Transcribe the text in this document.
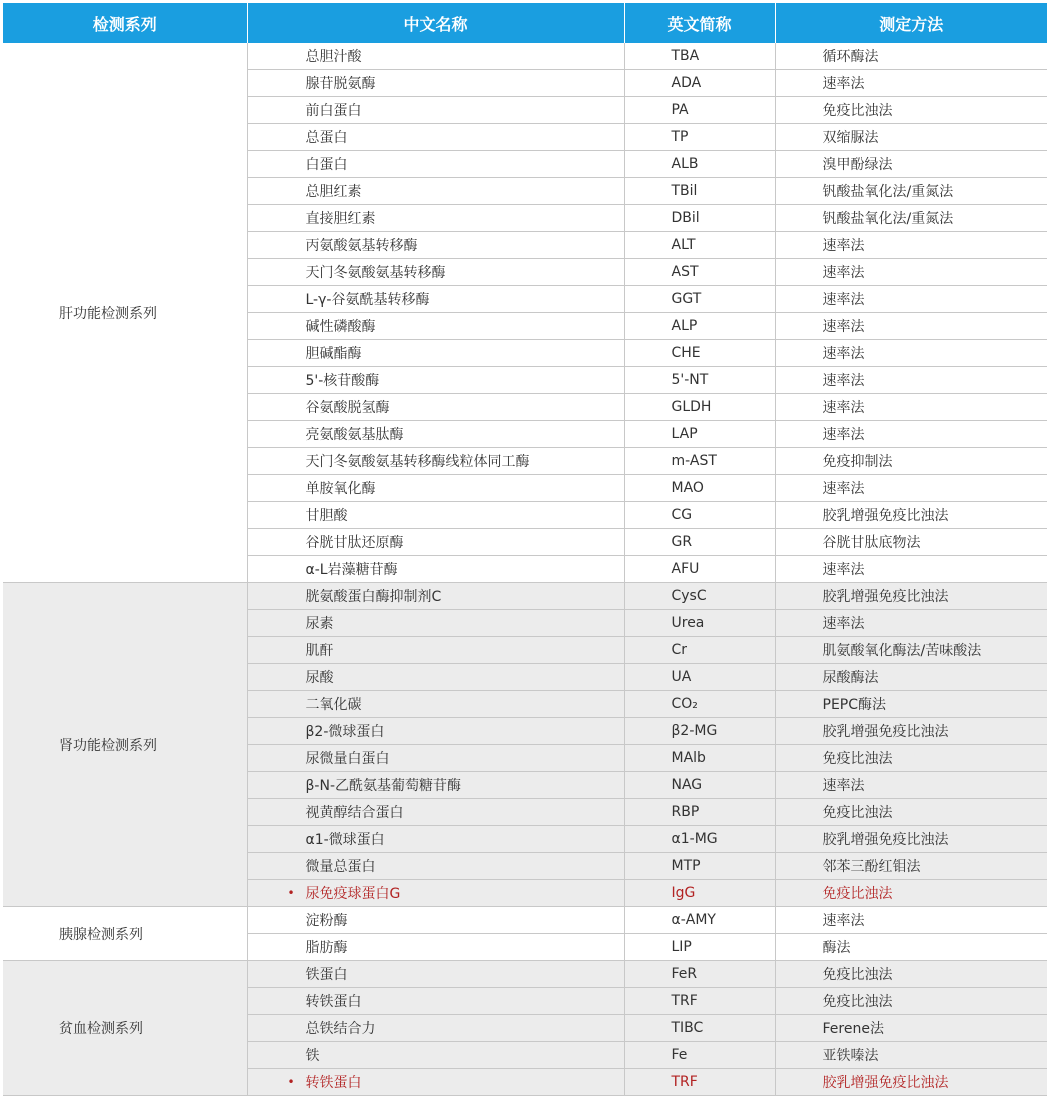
检测系列	中文名称	英文简称	测定方法
肝功能检测系列	总胆汁酸	TBA	循环酶法
	腺苷脱氨酶	ADA	速率法
	前白蛋白	PA	免疫比浊法
	总蛋白	TP	双缩脲法
	白蛋白	ALB	溴甲酚绿法
	总胆红素	TBil	钒酸盐氧化法/重氮法
	直接胆红素	DBil	钒酸盐氧化法/重氮法
	丙氨酸氨基转移酶	ALT	速率法
	天门冬氨酸氨基转移酶	AST	速率法
	L-γ-谷氨酰基转移酶	GGT	速率法
	碱性磷酸酶	ALP	速率法
	胆碱酯酶	CHE	速率法
	5'-核苷酸酶	5'-NT	速率法
	谷氨酸脱氢酶	GLDH	速率法
	亮氨酸氨基肽酶	LAP	速率法
	天门冬氨酸氨基转移酶线粒体同工酶	m-AST	免疫抑制法
	单胺氧化酶	MAO	速率法
	甘胆酸	CG	胶乳增强免疫比浊法
	谷胱甘肽还原酶	GR	谷胱甘肽底物法
	α-L岩藻糖苷酶	AFU	速率法
肾功能检测系列	胱氨酸蛋白酶抑制剂C	CysC	胶乳增强免疫比浊法
	尿素	Urea	速率法
	肌酐	Cr	肌氨酸氧化酶法/苦味酸法
	尿酸	UA	尿酸酶法
	二氧化碳	CO₂	PEPC酶法
	β2-微球蛋白	β2-MG	胶乳增强免疫比浊法
	尿微量白蛋白	MAlb	免疫比浊法
	β-N-乙酰氨基葡萄糖苷酶	NAG	速率法
	视黄醇结合蛋白	RBP	免疫比浊法
	α1-微球蛋白	α1-MG	胶乳增强免疫比浊法
	微量总蛋白	MTP	邻苯三酚红钼法

	• 尿免疫球蛋白G	IgG	免疫比浊法
胰腺检测系列	淀粉酶	α-AMY	速率法
	脂肪酶	LIP	酶法
贫血检测系列	铁蛋白	FeR	免疫比浊法
	转铁蛋白	TRF	免疫比浊法
	总铁结合力	TIBC	Ferene法
	铁	Fe	亚铁嗪法

	• 转铁蛋白	TRF	胶乳增强免疫比浊法
